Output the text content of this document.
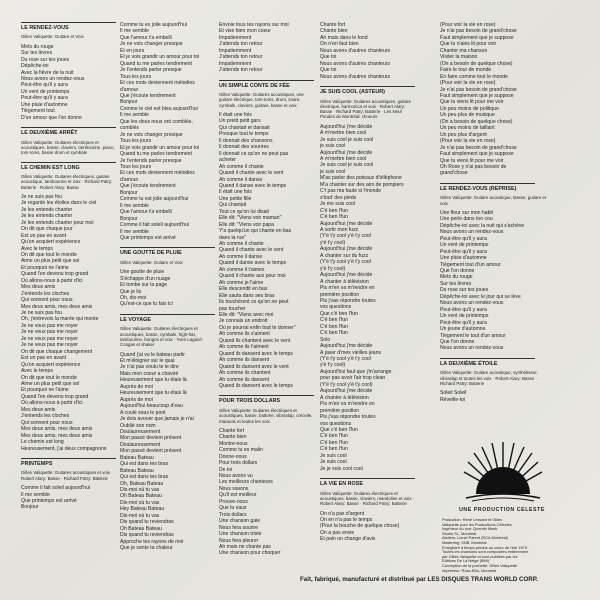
LE RENDEZ-VOUS
Gilles Valiquette: Guitare et Voix
Mets du rouge
Sur tes lèvres
Du rose sur tes joues
Dépêche-toi
Avec la fièvre de la nuit
Nous avons un rendez-vous
Peut-être qu'il y aura
Un vent de printemps
Peut-être qu'il y aura
Une pluie d'automne
Tiègement tout
D'un amour que l'on donne
LE DEUXIÈME ARRÊT
Gilles Valiquette: Guitares électriques et acoustiques, basse, claviers, tambourine, piano, tom-toms, basse drum et cymbale
LE CHEMIN EST LONG
Gilles Valiquette: Guitares électriques, guitare acoustique, tambourine et voix · Richard Patry: Batterie · Robert Alary: Basse
Je ne suis pas fou
Je regarde les étoiles dans le ciel
Je les entends chanter
Je les entends chanter
Je les entends chanter pour moi
On dit que chaque jour
Est un pas en avant
Qu'on acquiert expérience
Avec le temps
On dit que tout le monde
Aime un plus petit que soi
Et pourquoi ne l'aime
Quand l'en devenu trop grand
Où allons-nous à partir d'ici
Mes deux amis
J'entends les cloches
Qui sonnent pour nous
Mes deux amis, mes deux amis
Je ne suis pas fou
Oh, j'entrevois la marée qui monte
Je ne vous pas me noyer
Je ne veux pas me noyer
Je ne veux pas me noyer
Je ne veux pas me noyer
On dit que chaque changement
Est un pas en avant
Qu'on acquiert expérience
Avec le temps
On dit que tout le monde
Aime un plus petit que soi
Et pourquoi ne l'aime
Quand l'en devenu trop grand
Où allons-nous à partir d'ici
Mes deux amis
J'entends les cloches
Qui sonnent pour nous
Mes deux amis, mes deux amis
Mes deux amis, mes deux amis
Le chemin est long
Heureusement, j'ai deux compagnons
PRINTEMPS
Gilles Valiquette: Guitares acoustiques et voix · Robert Alary: Basse · Richard Patry: Batterie
Comme il fait soleil aujourd'hui
Il me semble
Que printemps est arrivé
Bonjour
Comme tu es jolie aujourd'hui
Il me semble
Que l'amour t'a embelli
Je ne vois changer presque
Et en jours
Et je vois grandir un amour pour toi
Quand tu me parles tendrement
Je t'entends parler presque
Tous les jours
Et ces mots deviennent mélodies
d'amour
Que j'écoute tendrement
Bonjour
Comme le ciel est bleu aujourd'hui
Il me semble
Que les doux nous ont comblés,
comblés
Je ne vois changer presque
Tous les jours
Et je vois grandir un amour pour toi
Quand tu me parles tendrement
Je t'entends parler presque
Tous les jours
Et ces mots deviennent mélodies
d'amour
Que j'écoute tendrement
Bonjour
Comme tu est jolie aujourd'hui
Il me semble
Que l'amour t'a embelli
Bonjour
Comme il fait soleil aujourd'hui
Il me semble
Que printemps est arrivé
UNE GOUTTE DE PLUIE
Gilles Valiquette: Guitare et Voix
Une goutte de pluie
S'échappe d'un nuage
Et tombe sur la page
Que je lis
Oh, dis-moi
Qu'est-ce que tu fais ici
LE VOYAGE
Gilles Valiquette: Guitares électriques et acoustiques, basse, cymbale, high-hat, tambourine, bongos et voix · Yves Lagacé: Congas et shaker
Quand j'ai vu le bateau partir
Et m'éloigner sur le quai
Je n'ai pas voulu te le dire
Mais mon coeur a chaviré
Heureusement que tu étais là
Auprès de moi
Heureusement que tu étais là
Auprès de moi
Aujourd'hui beaucoup d'eau
A coulé sous le pont
Je dois avouer que jamais je n'ai
Oublié son nom
Doulaureusement
Mon passé devient présent
Doulaureusement
Mon passé devient présent
Bateau Bateau
Qui est dans tes bras
Bateau Bateau
Qui est dans tes bras
Oh, Bateau Bateau
Dis-moi où tu vas
Oh Bateau Bateau
Dis-moi où tu vas
Hey Bateau Bateau
Dis-moi où tu vas
Dis quand tu reviendras
Oh Bateau Bateau
Dis quand tu reviendras
Approche tes rayons de moi
Que je sente ta chaleur
Envoie tous tes rayons sur moi
Et vise bien mon coeur
Impatiemment
J'attends ton retour
Impatiemment
J'attends ton retour
Impatiemment
J'attends ton retour
UN SIMPLE CONTE DE FÉE
Gilles Valiquette: Guitares acoustiques, une guitare électrique, tom-toms, drum, snare, cymbale, claviers, guitare, basse et voix
Il était une fois
Un pretit petit gars
Qui chantait et dansait
Presque tout le temps
Il donnait des chansons
Il donnait des sourires
Il donnait ce qu'on ne peut pas
acheter
Ah comme il chante
Quand il chante avec le vent
Ah comme il danse
Quand il danse avec le temps
Il était une fois
Une petite fille
Qui chantait
Tout ce qu'on lui disait
Elle dit: "Viens voir maman"
Elle dit: "Viens voir papa
Y'a quelqu'un qui chante en bas
dans la rue"
Ah comme il chante
Quand il chante avec le vent
Ah comme il danse
Quand il danse avec le temps
Ah comme il t'aimes
Quand il chante aux pour moi
Ah comme je l'aime
Elle descendit en bas
Elle sauta dans ses bras
Ils touchèrent ce qu'on ne peut
pas toucher
Elle dit: "Viens avec moi
Je connais un endroit
Où je pourrai enfin tout te donner"
Ah comme ils s'aiment
Quand ils chantent avec le vent
Ah comme ils t'aiment
Quand ils dansent avec le temps
Ah comme ils dansent
Quand ils dansent avec le vent
Ah comme ils chantent
Ah comme ils dansent
Quand ils dansent avec le temps
POUR TROIS DOLLARS
Gilles Valiquette: Guitares électriques et acoustiques, basse, batterie, vibraslap, crécelle, maracas et toutes les voix
Chante fort
Chante bien
Montre-nous
Comme tu es malin
Donne-nous
Pour trois dollars
De toi
Nous avons vu
Les meilleurs chanteurs
Nous savons
Qu'il est meilleur
Prouve-nous
Que tu vaux
Trois dollars
Une chanson gaie
Nous fera sourire
Une chanson triste
Nous fera pleurer
Ah mais ne chante pas
Une chanson pour choquer
Chante fort
Chante bien
Ah mais dans le fond
On n'en faut bien
Nous avons d'autres chanteurs
Que toi
Nous avons d'autres chanteurs
Que toi
Nous avons d'autres chanteurs
JE SUIS COOL (ASTEUR)
Gilles Valiquette: Guitares acoustiques, guitare électrique, harmonica et voix · Robert Alary: Basse · Richard Patry: Batterie · Les Neuf Poudes de Montréal: choeurs
Aujourd'hui j'me décide
À m'mettre bien cool
Je suis cool je suis cool
je suis cool
Aujourd'hui j'me décide
À m'mettre bien cool
Je suis cool je suis cool
je suis cool
M'as parler des poteaux d'téléphone
M'a chanter sur des airs de pompiers
C't pas ma faute si l'monde
s'tout' des pieds
Je me suis cool
C'é ben l'fun
C'é ben l'fun
Aujourd'hui j'me décide
À sortir mon fuzz
(Y'é t'y cool y'é t'y cool
y'é t'y cool)
Aujourd'hui j'me décide
À chanter sur du fuzz
(Y'é t'y cool y'é t'y cool
y'é t'y cool)
Aujourd'hui j'me décide
À chanter à télévision
Pis m'en va m'rendre en
première position
Pis j'vas répondre toutes
vos questions
Que c'é ben l'fun
C'é ben l'fun
C'é ben l'fun
C'é ben l'fun
Solo
Aujourd'hui j'me décide
À jaser d'mes vieilles jeans
(Y'é t'y cool y'é t'y cool
y'é t'y cool)
Aujourd'hui faut que j'm'arrange
pour pas avoir l'air trop clean
(Y'é t'y cool y'é t'y cool)
Aujourd'hui j'me décide
À chanter à télévision
Pis m'en va m'rendre en
première position
Pis j'vas répondre toutes
vos questions
Que c'é ben l'fun
C'é ben l'fun
C'é ben l'fun
C'é ben l'fun
Je suis cool
Je suis cool
Je je suis cool cool
LA VIE EN ROSE
Gilles Valiquette: Guitares électriques et acoustiques, basse, claviers, mandoline et voix · Robert Alary: Basse · Richard Patry: Batterie
On n'a pas d'argent
On en n'a pas le temps
(Pour la bouche de quelque chose)
On a pas envie
Et pain on change d'avis
(Pour voir la vie en rose)
Je n'ai pas besoin de grand'chose
Faut simplement que je suppose
Que tu n'aies lit pour voir
Chanter ma chanson
Visiter la maison
(On a besoin de quelque chose)
Faire le tour de monde
En faire comme tout le monde
(Pour voir la vie en rose)
Je n'ai pas besoin de grand'chose
Faut simplement que je suppose
Que tu viens lit pour me voir
Un peu moins de politique
Un peu plus de musique
(On a besoin de quelque chose)
Un peu moins de taillant
Un peu plus d'argent
(Pour voir la vie en rose)
Je n'ai pas besoin de grand'chose
Faut simplement que je suppose
Que tu viens lit pour me voir
Oh Rose y n'ai pas besoin de
grand'chose
LE RENDEZ-VOUS (REPRISE)
Gilles Valiquette: Guitare acoustique, Basse, guitare et voix
Une fleur sur mon habit
Une perle dans ton cou
Dépêche-toi avec la nuit qui s'achève
Nous avons un rendez-vous
Peut-être qu'il y aura
Un vent de printemps
Peut-être qu'il y aura
Une pluie d'automne
Tiègement tout d'un amour
Que l'on donne
Mets du rouge
Sur tes lèvres
Du rose sur tes joues
Dépêche-toi avec le jour qui se lève
Nous avons un rendez-vous
Peut-être qu'il y aura
Un vent de printemps
Peut-être qu'il y aura
Un jeune d'automne
Tiègement le tout d'un amour
Que l'on donne
Nous avons un rendez-vous
LA DEUXIÈME ÉTOILE
Gilles Valiquette: Guitare acoustique, synthétiseur, vibraslap et toutes les voix · Robert Alary: Basse · Richard Patry: Batterie
Soleil Soleil
Réveille-toi
UNE PRODUCTION CELESTE
Production: René Lessard et Gilles
Valiquette pour les Productions Célestes
Ingénieur du son: Quentin Meek
Studio SL, Montréal
Ateliers: Lionel Parent (RCA Montréal)
Mastering: SNB, Montréal
Enregistré à temps perdus au cours de l'été 1975
Toutes les chansons sont composées entièrement
par Gilles Valiquette et sont publiées par les
Éditions De La Neige (BMI)
Conception de la pochette: Gilles Valiquette
Imprimeur: Ross-Ellis, Montréal
Fait, fabriqué, manufacturé et distribué par LES DISQUES TRANS WORLD CORP.
